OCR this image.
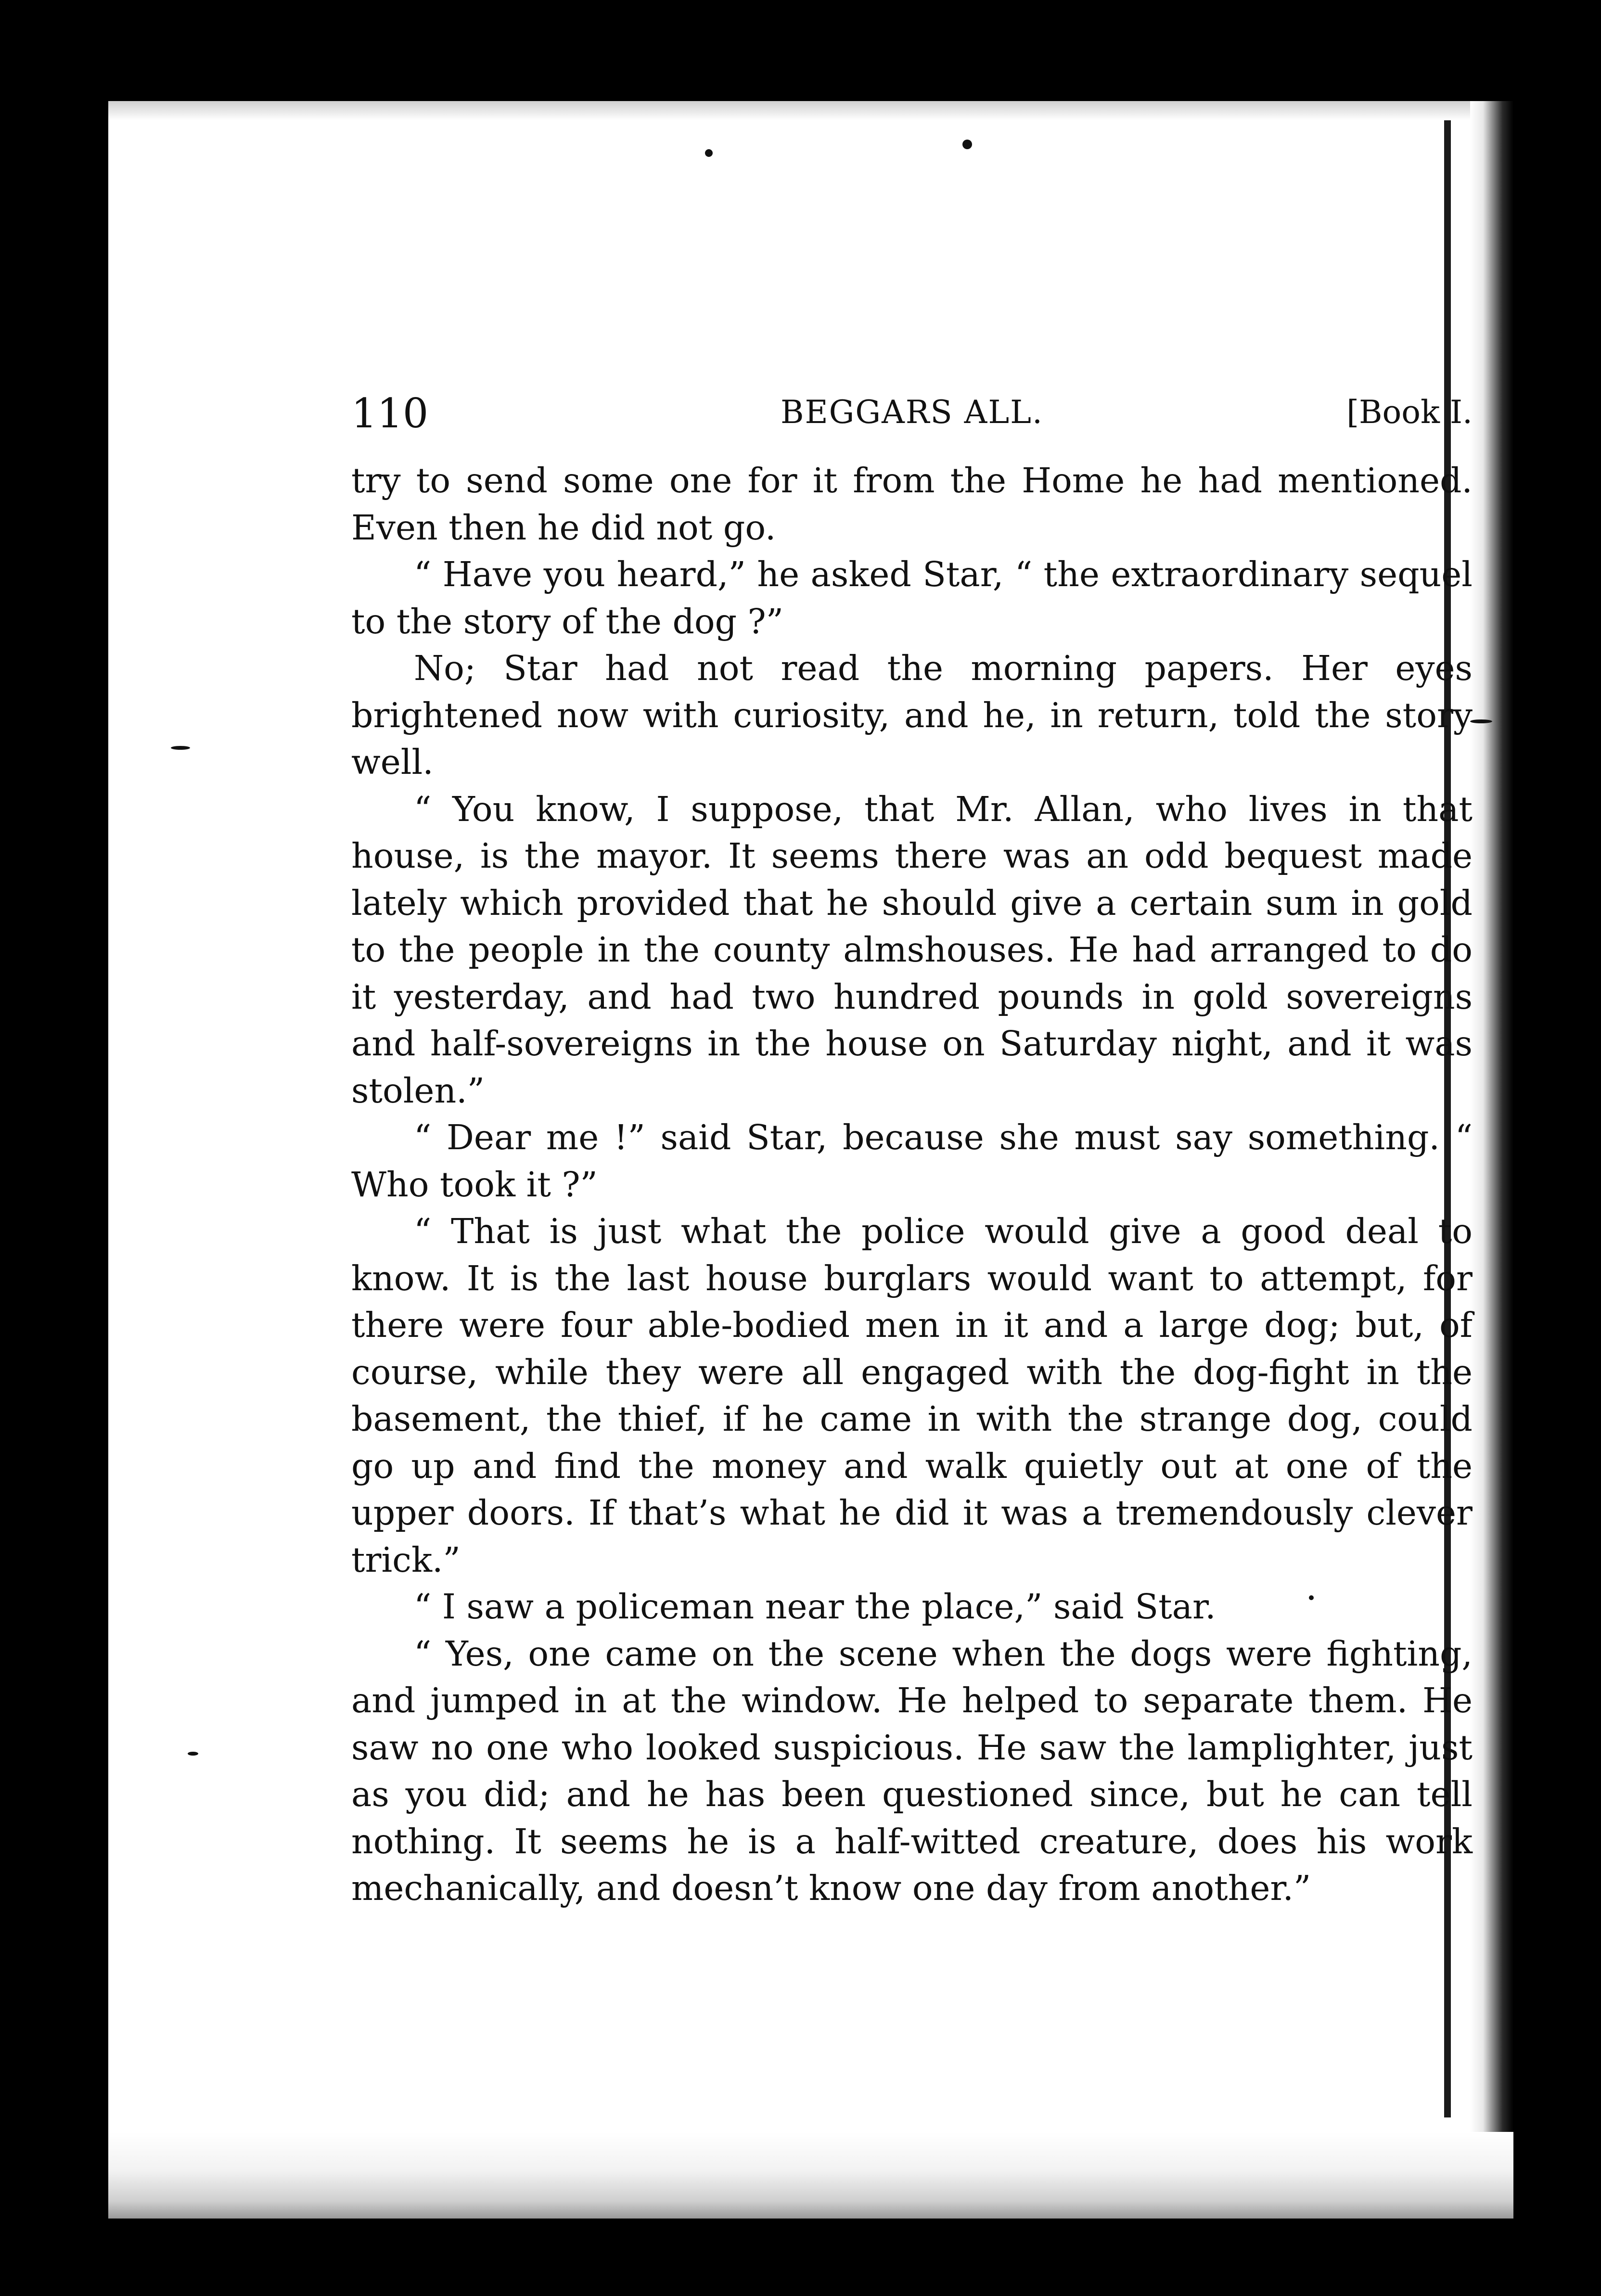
110	BEGGARS ALL.	[Book I.

try to send some one for it from the Home he had mentioned. Even then he did not go.

“ Have you heard,” he asked Star, “ the extraordinary sequel to the story of the dog ?”

No; Star had not read the morning papers. Her eyes brightened now with curiosity, and he, in return, told the story well.

“ You know, I suppose, that Mr. Allan, who lives in that house, is the mayor. It seems there was an odd bequest made lately which provided that he should give a certain sum in gold to the people in the county almshouses. He had arranged to do it yesterday, and had two hundred pounds in gold sovereigns and half-sovereigns in the house on Saturday night, and it was stolen.”

“ Dear me !” said Star, because she must say something. “ Who took it ?”

“ That is just what the police would give a good deal to know. It is the last house burglars would want to attempt, for there were four able-bodied men in it and a large dog; but, of course, while they were all engaged with the dog-fight in the basement, the thief, if he came in with the strange dog, could go up and find the money and walk quietly out at one of the upper doors. If that’s what he did it was a tremendously clever trick.”

“ I saw a policeman near the place,” said Star.

“ Yes, one came on the scene when the dogs were fighting, and jumped in at the window. He helped to separate them. He saw no one who looked suspicious. He saw the lamplighter, just as you did; and he has been questioned since, but he can tell nothing. It seems he is a half-witted creature, does his work mechanically, and doesn’t know one day from another.”
